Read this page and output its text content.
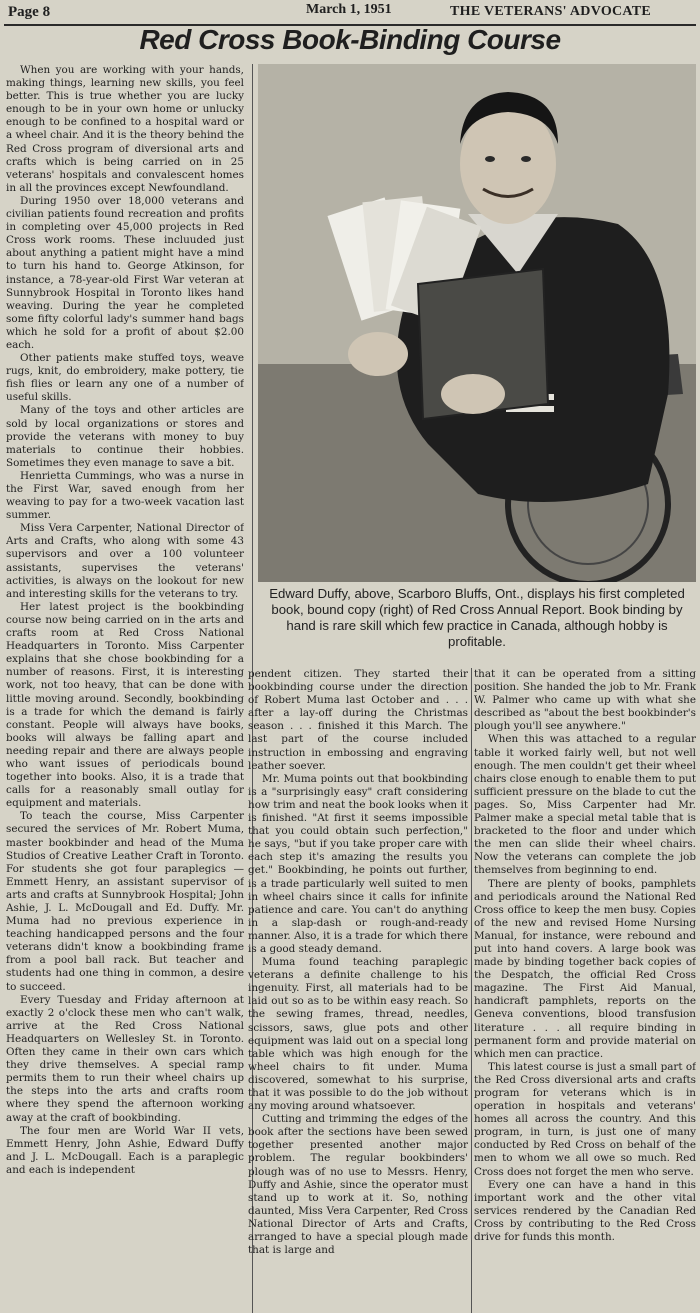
Page 8	March 1, 1951	THE VETERANS' ADVOCATE
Red Cross Book-Binding Course

When you are working with your hands, making things, learning new skills, you feel better. This is true whether you are lucky enough to be in your own home or unlucky enough to be confined to a hospital ward or a wheel chair. And it is the theory behind the Red Cross program of diversional arts and crafts which is being carried on in 25 veterans' hospitals and convalescent homes in all the provinces except Newfoundland.

During 1950 over 18,000 veterans and civilian patients found recreation and profits in completing over 45,000 projects in Red Cross work rooms. These incluuded just about anything a patient might have a mind to turn his hand to. George Atkinson, for instance, a 78-year-old First War veteran at Sunnybrook Hospital in Toronto likes hand weaving. During the year he completed some fifty colorful lady's summer hand bags which he sold for a profit of about $2.00 each.

Other patients make stuffed toys, weave rugs, knit, do embroidery, make pottery, tie fish flies or learn any one of a number of useful skills.

Many of the toys and other articles are sold by local organizations or stores and provide the veterans with money to buy materials to continue their hobbies. Sometimes they even manage to save a bit.

Henrietta Cummings, who was a nurse in the First War, saved enough from her weaving to pay for a two-week vacation last summer.

Miss Vera Carpenter, National Director of Arts and Crafts, who along with some 43 supervisors and over a 100 volunteer assistants, supervises the veterans' activities, is always on the lookout for new and interesting skills for the veterans to try.

Her latest project is the bookbinding course now being carried on in the arts and crafts room at Red Cross National Headquarters in Toronto. Miss Carpenter explains that she chose bookbinding for a number of reasons. First, it is interesting work, not too heavy, that can be done with little moving around. Secondly, bookbinding is a trade for which the demand is fairly constant. People will always have books, books will always be falling apart and needing repair and there are always people who want issues of periodicals bound together into books. Also, it is a trade that calls for a reasonably small outlay for equipment and materials.

To teach the course, Miss Carpenter secured the services of Mr. Robert Muma, master bookbinder and head of the Muma Studios of Creative Leather Craft in Toronto. For students she got four paraplegics — Emmett Henry, an assistant supervisor of arts and crafts at Sunnybrook Hospital; John Ashie, J. L. McDougall and Ed. Duffy. Mr. Muma had no previous experience in teaching handicapped persons and the four veterans didn't know a bookbinding frame from a pool ball rack. But teacher and students had one thing in common, a desire to succeed.

Every Tuesday and Friday afternoon at exactly 2 o'clock these men who can't walk, arrive at the Red Cross National Headquarters on Wellesley St. in Toronto. Often they came in their own cars which they drive themselves. A special ramp permits them to run their wheel chairs up the steps into the arts and crafts room where they spend the afternoon working away at the craft of bookbinding.

The four men are World War II vets, Emmett Henry, John Ashie, Edward Duffy and J. L. McDougall. Each is a paraplegic and each is independent

Edward Duffy, above, Scarboro Bluffs, Ont., displays his first completed book, bound copy (right) of Red Cross Annual Report. Book binding by hand is rare skill which few practice in Canada, although hobby is profitable.

pendent citizen. They started their bookbinding course under the direction of Robert Muma last October and . . . after a lay-off during the Christmas season . . . finished it this March. The last part of the course included instruction in embossing and engraving leather soever.

Mr. Muma points out that bookbinding is a "surprisingly easy" craft considering how trim and neat the book looks when it is finished. "At first it seems impossible that you could obtain such perfection," he says, "but if you take proper care with each step it's amazing the results you get." Bookbinding, he points out further, is a trade particularly well suited to men in wheel chairs since it calls for infinite patience and care. You can't do anything in a slap-dash or rough-and-ready manner. Also, it is a trade for which there is a good steady demand.

Muma found teaching paraplegic veterans a definite challenge to his ingenuity. First, all materials had to be laid out so as to be within easy reach. So the sewing frames, thread, needles, scissors, saws, glue pots and other equipment was laid out on a special long table which was high enough for the wheel chairs to fit under. Muma discovered, somewhat to his surprise, that it was possible to do the job without any moving around whatsoever.

Cutting and trimming the edges of the book after the sections have been sewed together presented another major problem. The regular bookbinders' plough was of no use to Messrs. Henry, Duffy and Ashie, since the operator must stand up to work at it. So, nothing daunted, Miss Vera Carpenter, Red Cross National Director of Arts and Crafts, arranged to have a special plough made that is large and

that it can be operated from a sitting position. She handed the job to Mr. Frank W. Palmer who came up with what she described as "about the best bookbinder's plough you'll see anywhere."

When this was attached to a regular table it worked fairly well, but not well enough. The men couldn't get their wheel chairs close enough to enable them to put sufficient pressure on the blade to cut the pages. So, Miss Carpenter had Mr. Palmer make a special metal table that is bracketed to the floor and under which the men can slide their wheel chairs. Now the veterans can complete the job themselves from beginning to end.

There are plenty of books, pamphlets and periodicals around the National Red Cross office to keep the men busy. Copies of the new and revised Home Nursing Manual, for instance, were rebound and put into hand covers. A large book was made by binding together back copies of the Despatch, the official Red Cross magazine. The First Aid Manual, handicraft pamphlets, reports on the Geneva conventions, blood transfusion literature . . . all require binding in permanent form and provide material on which men can practice.

This latest course is just a small part of the Red Cross diversional arts and crafts program for veterans which is in operation in hospitals and veterans' homes all across the country. And this program, in turn, is just one of many conducted by Red Cross on behalf of the men to whom we all owe so much. Red Cross does not forget the men who serve.

Every one can have a hand in this important work and the other vital services rendered by the Canadian Red Cross by contributing to the Red Cross drive for funds this month.
